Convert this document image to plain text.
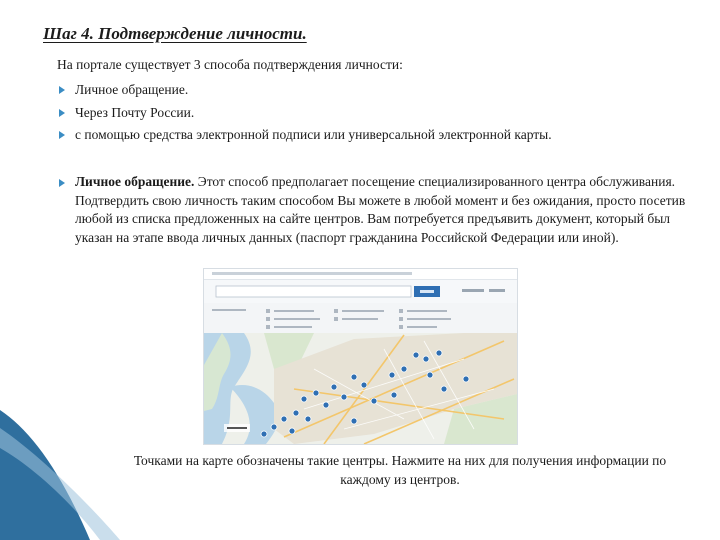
Шаг 4. Подтверждение личности.
На портале существует 3 способа подтверждения личности:
Личное обращение.
Через Почту России.
с помощью средства электронной подписи или универсальной электронной карты.
Личное обращение. Этот способ предполагает посещение специализированного центра обслуживания. Подтвердить свою личность таким способом Вы можете в любой момент и без ожидания, просто посетив любой из списка предложенных на сайте центров. Вам потребуется предъявить документ, который был указан на этапе ввода личных данных (паспорт гражданина Российской Федерации или иной).
Точками на карте обозначены такие центры. Нажмите на них для получения информации по каждому из центров.
